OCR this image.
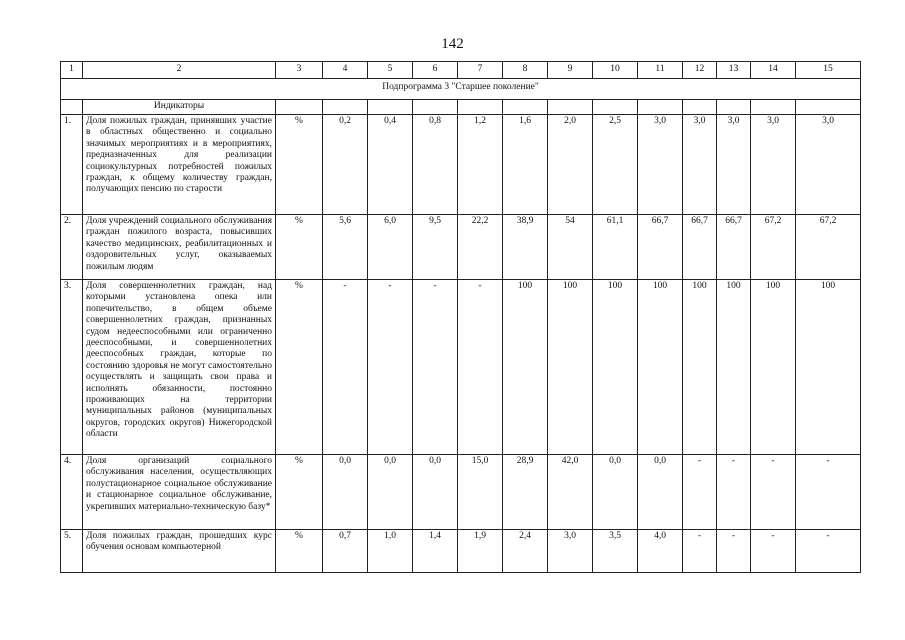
142
1	2	3	4	5	6	7	8	9	10	11	12	13	14	15
Подпрограмма 3 "Старшее поколение"														
	Индикаторы													
1.	Доля пожилых граждан, принявших участие в областных общественно и социально значимых мероприятиях и в мероприятиях, предназначенных для реализации социокультурных потребностей пожилых граждан, к общему количеству граждан, получающих пенсию по старости	%	0,2	0,4	0,8	1,2	1,6	2,0	2,5	3,0	3,0	3,0	3,0	3,0
2.	Доля учреждений социального обслуживания граждан пожилого возраста, повысивших качество медицинских, реабилитационных и оздоровительных услуг, оказываемых пожилым людям	%	5,6	6,0	9,5	22,2	38,9	54	61,1	66,7	66,7	66,7	67,2	67,2
3.	Доля совершеннолетних граждан, над которыми установлена опека или попечительство, в общем объеме совершеннолетних граждан, признанных судом недееспособными или ограниченно дееспособными, и совершеннолетних дееспособных граждан, которые по состоянию здоровья не могут самостоятельно осуществлять и защищать свои права и исполнять обязанности, постоянно проживающих на территории муниципальных районов (муниципальных округов, городских округов) Нижегородской области	%	-	-	-	-	100	100	100	100	100	100	100	100
4.	Доля организаций социального обслуживания населения, осуществляющих полустационарное социальное обслуживание и стационарное социальное обслуживание, укрепивших материально-техническую базу*	%	0,0	0,0	0,0	15,0	28,9	42,0	0,0	0,0	-	-	-	-
5.	Доля пожилых граждан, прошедших курс обучения основам компьютерной	%	0,7	1,0	1,4	1,9	2,4	3,0	3,5	4,0	-	-	-	-
